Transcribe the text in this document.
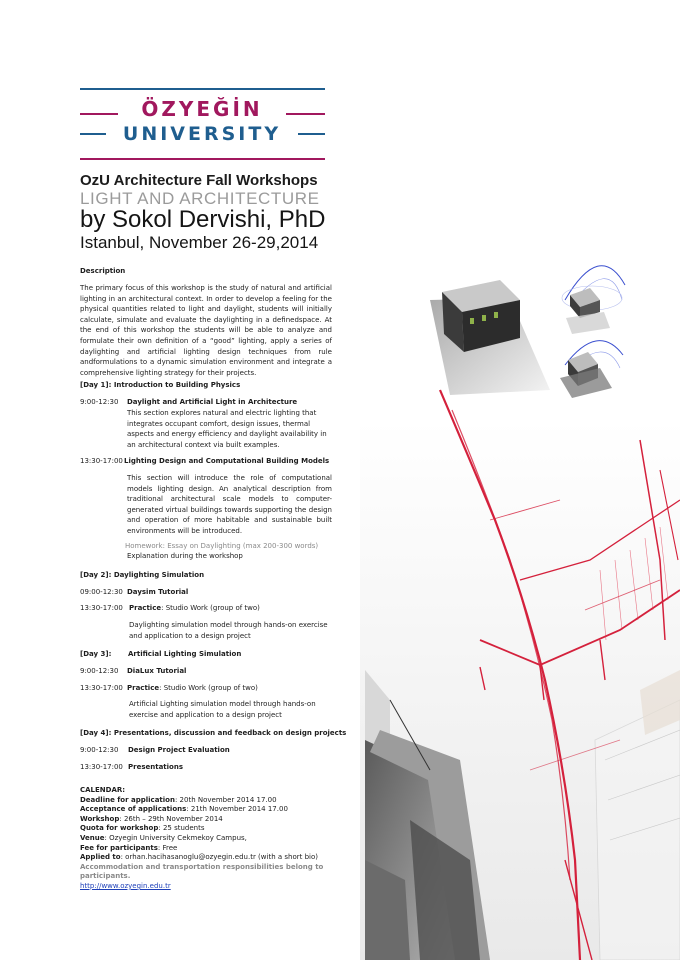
ÖZYEĞİN
UNIVERSITY
OzU Architecture Fall Workshops
LIGHT AND ARCHITECTURE
by Sokol Dervishi, PhD
Istanbul, November 26-29,2014
Description
The primary focus of this workshop is the study of natural and artificial lighting in an architectural context. In order to develop a feeling for the physical quantities related to light and daylight, students will initially calculate, simulate and evaluate the daylighting in a definedspace. At the end of this workshop the students will be able to analyze and formulate their own definition of a “good” lighting, apply a series of daylighting and artificial lighting design techniques from rule andformulations to a dynamic simulation environment and integrate a comprehensive lighting strategy for their projects.
[Day 1]: Introduction to Building Physics
9:00-12:30 Daylight and Artificial Light in Architecture
This section explores natural and electric lighting that integrates occupant comfort, design issues, thermal aspects and energy efficiency and daylight availability in an architectural context via built examples.
13:30-17:00 Lighting Design and Computational Building Models
This section will introduce the role of computational models lighting design. An analytical description from traditional architectural scale models to computer-generated virtual buildings towards supporting the design and operation of more habitable and sustainable built environments will be introduced.
Homework: Essay on Daylighting (max 200-300 words)
Explanation during the workshop
[Day 2]: Daylighting Simulation
09:00-12:30 Daysim Tutorial
13:30-17:00 Practice: Studio Work (group of two)
Daylighting simulation model through hands-on exercise and application to a design project
[Day 3]: Artificial Lighting Simulation
9:00-12:30 DiaLux Tutorial
13:30-17:00 Practice: Studio Work (group of two)
Artificial Lighting simulation model through hands-on exercise and application to a design project
[Day 4]: Presentations, discussion and feedback on design projects
9:00-12:30 Design Project Evaluation
13:30-17:00 Presentations
CALENDAR:
Deadline for application: 20th November 2014 17.00
Acceptance of applications: 21th November 2014 17.00
Workshop: 26th – 29th November 2014
Quota for workshop: 25 students
Venue: Ozyegin University Cekmekoy Campus,
Fee for participants: Free
Applied to: orhan.hacihasanoglu@ozyegin.edu.tr (with a short bio)
Accommodation and transportation responsibilities belong to participants.
http://www.ozyegin.edu.tr
